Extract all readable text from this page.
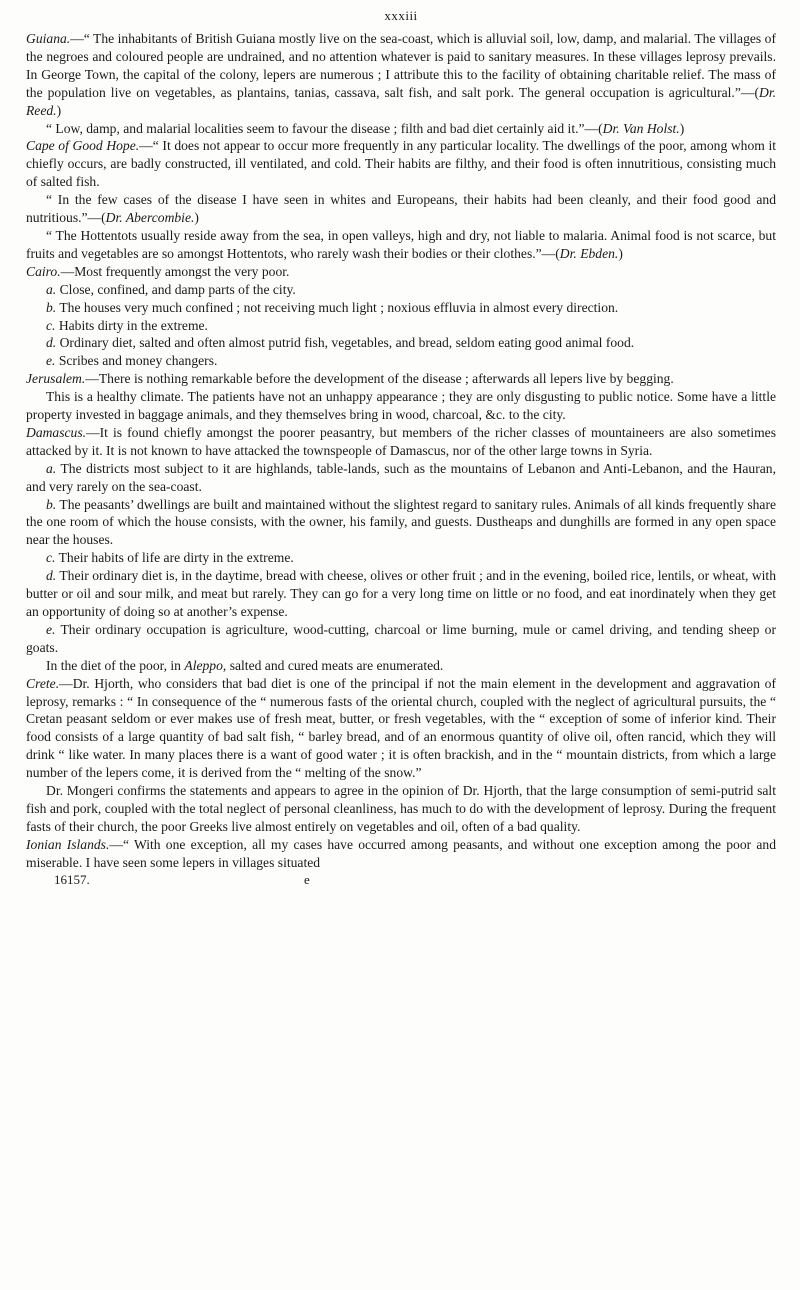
xxxiii

Guiana.—“ The inhabitants of British Guiana mostly live on the sea-coast, which is alluvial soil, low, damp, and malarial. The villages of the negroes and coloured people are undrained, and no attention whatever is paid to sanitary measures. In these villages leprosy prevails. In George Town, the capital of the colony, lepers are numerous ; I attribute this to the facility of obtaining charitable relief. The mass of the population live on vegetables, as plantains, tanias, cassava, salt fish, and salt pork. The general occupation is agricultural.”—(Dr. Reed.)

“ Low, damp, and malarial localities seem to favour the disease ; filth and bad diet certainly aid it.”—(Dr. Van Holst.)

Cape of Good Hope.—“ It does not appear to occur more frequently in any particular locality. The dwellings of the poor, among whom it chiefly occurs, are badly constructed, ill ventilated, and cold. Their habits are filthy, and their food is often innutritious, consisting much of salted fish.

“ In the few cases of the disease I have seen in whites and Europeans, their habits had been cleanly, and their food good and nutritious.”—(Dr. Abercombie.)

“ The Hottentots usually reside away from the sea, in open valleys, high and dry, not liable to malaria. Animal food is not scarce, but fruits and vegetables are so amongst Hottentots, who rarely wash their bodies or their clothes.”—(Dr. Ebden.)

Cairo.—Most frequently amongst the very poor.

a. Close, confined, and damp parts of the city.

b. The houses very much confined ; not receiving much light ; noxious effluvia in almost every direction.

c. Habits dirty in the extreme.

d. Ordinary diet, salted and often almost putrid fish, vegetables, and bread, seldom eating good animal food.

e. Scribes and money changers.

Jerusalem.—There is nothing remarkable before the development of the disease ; afterwards all lepers live by begging.

This is a healthy climate. The patients have not an unhappy appearance ; they are only disgusting to public notice. Some have a little property invested in baggage animals, and they themselves bring in wood, charcoal, &c. to the city.

Damascus.—It is found chiefly amongst the poorer peasantry, but members of the richer classes of mountaineers are also sometimes attacked by it. It is not known to have attacked the townspeople of Damascus, nor of the other large towns in Syria.

a. The districts most subject to it are highlands, table-lands, such as the mountains of Lebanon and Anti-Lebanon, and the Hauran, and very rarely on the sea-coast.

b. The peasants’ dwellings are built and maintained without the slightest regard to sanitary rules. Animals of all kinds frequently share the one room of which the house consists, with the owner, his family, and guests. Dustheaps and dunghills are formed in any open space near the houses.

c. Their habits of life are dirty in the extreme.

d. Their ordinary diet is, in the daytime, bread with cheese, olives or other fruit ; and in the evening, boiled rice, lentils, or wheat, with butter or oil and sour milk, and meat but rarely. They can go for a very long time on little or no food, and eat inordinately when they get an opportunity of doing so at another’s expense.

e. Their ordinary occupation is agriculture, wood-cutting, charcoal or lime burning, mule or camel driving, and tending sheep or goats.

In the diet of the poor, in Aleppo, salted and cured meats are enumerated.

Crete.—Dr. Hjorth, who considers that bad diet is one of the principal if not the main element in the development and aggravation of leprosy, remarks : “ In consequence of the “ numerous fasts of the oriental church, coupled with the neglect of agricultural pursuits, the “ Cretan peasant seldom or ever makes use of fresh meat, butter, or fresh vegetables, with the “ exception of some of inferior kind. Their food consists of a large quantity of bad salt fish, “ barley bread, and of an enormous quantity of olive oil, often rancid, which they will drink “ like water. In many places there is a want of good water ; it is often brackish, and in the “ mountain districts, from which a large number of the lepers come, it is derived from the “ melting of the snow.”

Dr. Mongeri confirms the statements and appears to agree in the opinion of Dr. Hjorth, that the large consumption of semi-putrid salt fish and pork, coupled with the total neglect of personal cleanliness, has much to do with the development of leprosy. During the frequent fasts of their church, the poor Greeks live almost entirely on vegetables and oil, often of a bad quality.

Ionian Islands.—“ With one exception, all my cases have occurred among peasants, and without one exception among the poor and miserable. I have seen some lepers in villages situated

16157.	e
